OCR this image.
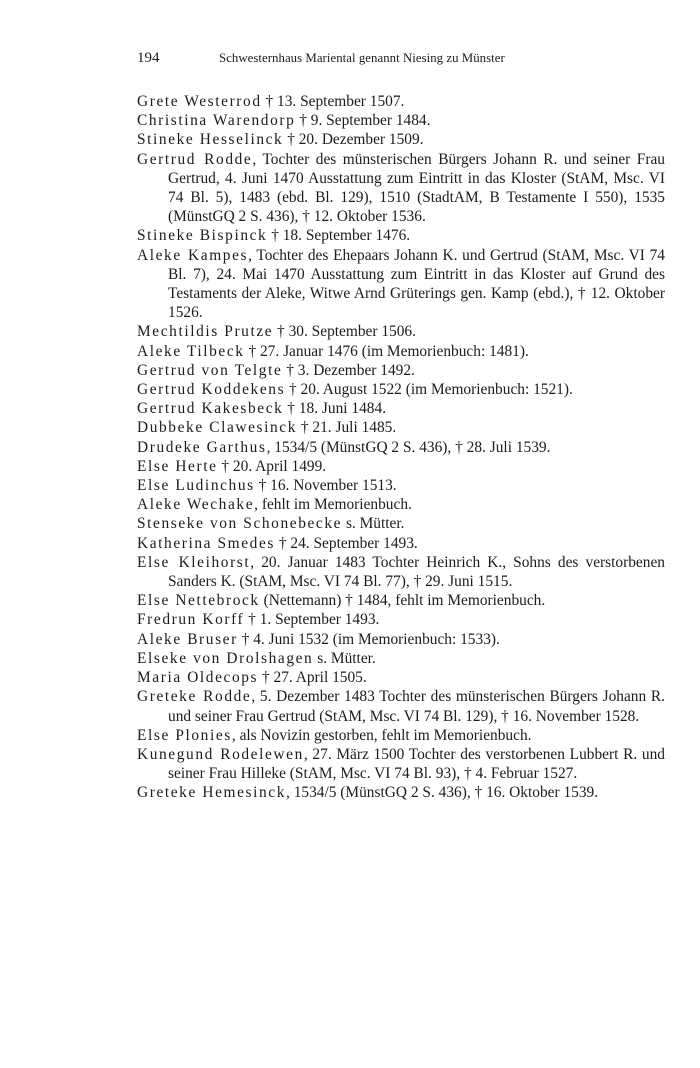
194	Schwesternhaus Mariental genannt Niesing zu Münster

Grete Westerrod † 13. September 1507.

Christina Warendorp † 9. September 1484.

Stineke Hesselinck † 20. Dezember 1509.

Gertrud Rodde, Tochter des münsterischen Bürgers Johann R. und seiner Frau Gertrud, 4. Juni 1470 Ausstattung zum Eintritt in das Kloster (StAM, Msc. VI 74 Bl. 5), 1483 (ebd. Bl. 129), 1510 (StadtAM, B Testamente I 550), 1535 (MünstGQ 2 S. 436), † 12. Oktober 1536.

Stineke Bispinck † 18. September 1476.

Aleke Kampes, Tochter des Ehepaars Johann K. und Gertrud (StAM, Msc. VI 74 Bl. 7), 24. Mai 1470 Ausstattung zum Eintritt in das Kloster auf Grund des Testaments der Aleke, Witwe Arnd Grüterings gen. Kamp (ebd.), † 12. Oktober 1526.

Mechtildis Prutze † 30. September 1506.

Aleke Tilbeck † 27. Januar 1476 (im Memorienbuch: 1481).

Gertrud von Telgte † 3. Dezember 1492.

Gertrud Koddekens † 20. August 1522 (im Memorienbuch: 1521).

Gertrud Kakesbeck † 18. Juni 1484.

Dubbeke Clawesinck † 21. Juli 1485.

Drudeke Garthus, 1534/5 (MünstGQ 2 S. 436), † 28. Juli 1539.

Else Herte † 20. April 1499.

Else Ludinchus † 16. November 1513.

Aleke Wechake, fehlt im Memorienbuch.

Stenseke von Schonebecke s. Mütter.

Katherina Smedes † 24. September 1493.

Else Kleihorst, 20. Januar 1483 Tochter Heinrich K., Sohns des verstorbenen Sanders K. (StAM, Msc. VI 74 Bl. 77), † 29. Juni 1515.

Else Nettebrock (Nettemann) † 1484, fehlt im Memorienbuch.

Fredrun Korff † 1. September 1493.

Aleke Bruser † 4. Juni 1532 (im Memorienbuch: 1533).

Elseke von Drolshagen s. Mütter.

Maria Oldecops † 27. April 1505.

Greteke Rodde, 5. Dezember 1483 Tochter des münsterischen Bürgers Johann R. und seiner Frau Gertrud (StAM, Msc. VI 74 Bl. 129), † 16. November 1528.

Else Plonies, als Novizin gestorben, fehlt im Memorienbuch.

Kunegund Rodelewen, 27. März 1500 Tochter des verstorbenen Lubbert R. und seiner Frau Hilleke (StAM, Msc. VI 74 Bl. 93), † 4. Februar 1527.

Greteke Hemesinck, 1534/5 (MünstGQ 2 S. 436), † 16. Oktober 1539.
